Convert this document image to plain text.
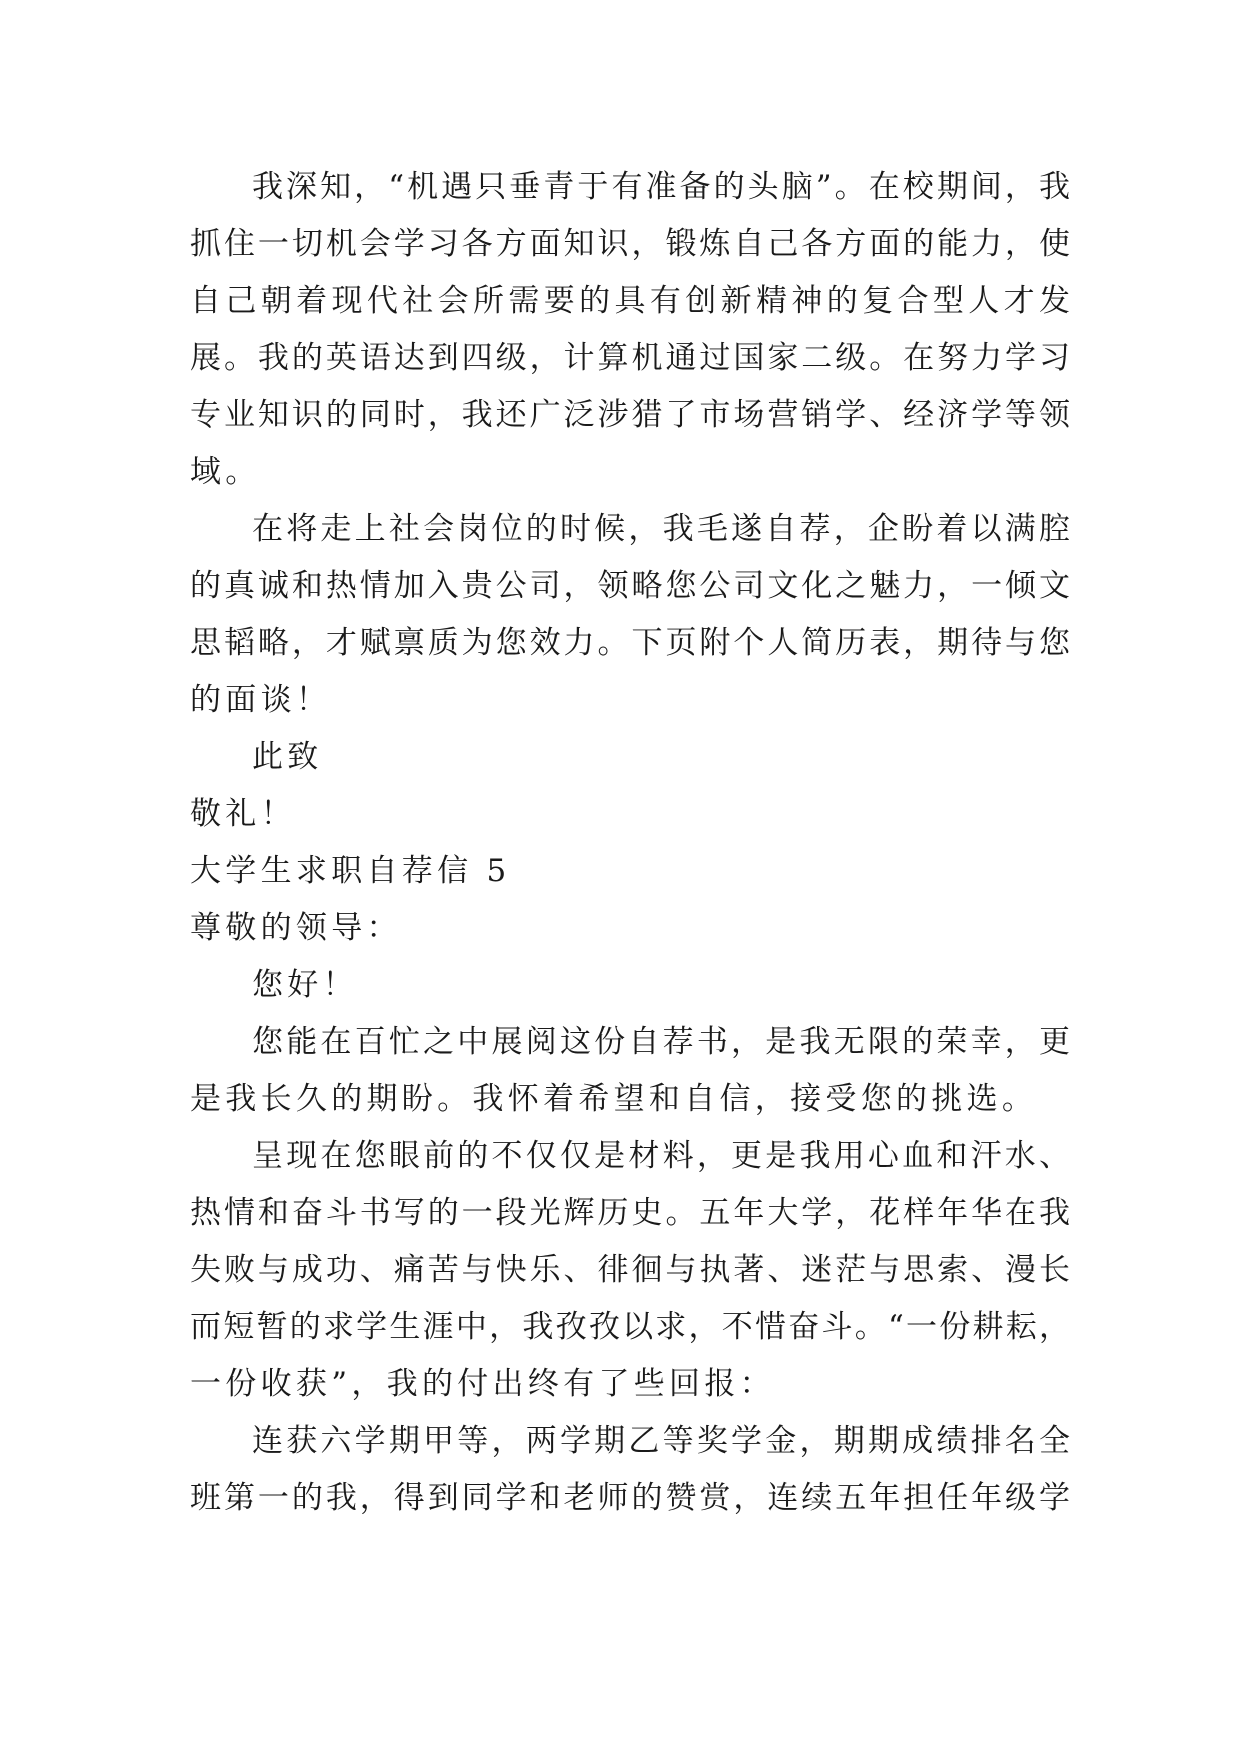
我深知，“机遇只垂青于有准备的头脑”。在校期间，我
抓住一切机会学习各方面知识，锻炼自己各方面的能力，使
自己朝着现代社会所需要的具有创新精神的复合型人才发
展。我的英语达到四级，计算机通过国家二级。在努力学习
专业知识的同时，我还广泛涉猎了市场营销学、经济学等领
域。
在将走上社会岗位的时候，我毛遂自荐，企盼着以满腔
的真诚和热情加入贵公司，领略您公司文化之魅力，一倾文
思韬略，才赋禀质为您效力。下页附个人简历表，期待与您
的面谈！
此致
敬礼！
大学生求职自荐信 5
尊敬的领导：
您好！
您能在百忙之中展阅这份自荐书，是我无限的荣幸，更
是我长久的期盼。我怀着希望和自信，接受您的挑选。
呈现在您眼前的不仅仅是材料，更是我用心血和汗水、
热情和奋斗书写的一段光辉历史。五年大学，花样年华在我
失败与成功、痛苦与快乐、徘徊与执著、迷茫与思索、漫长
而短暂的求学生涯中，我孜孜以求，不惜奋斗。“一份耕耘，
一份收获”，我的付出终有了些回报：
连获六学期甲等，两学期乙等奖学金，期期成绩排名全
班第一的我，得到同学和老师的赞赏，连续五年担任年级学
